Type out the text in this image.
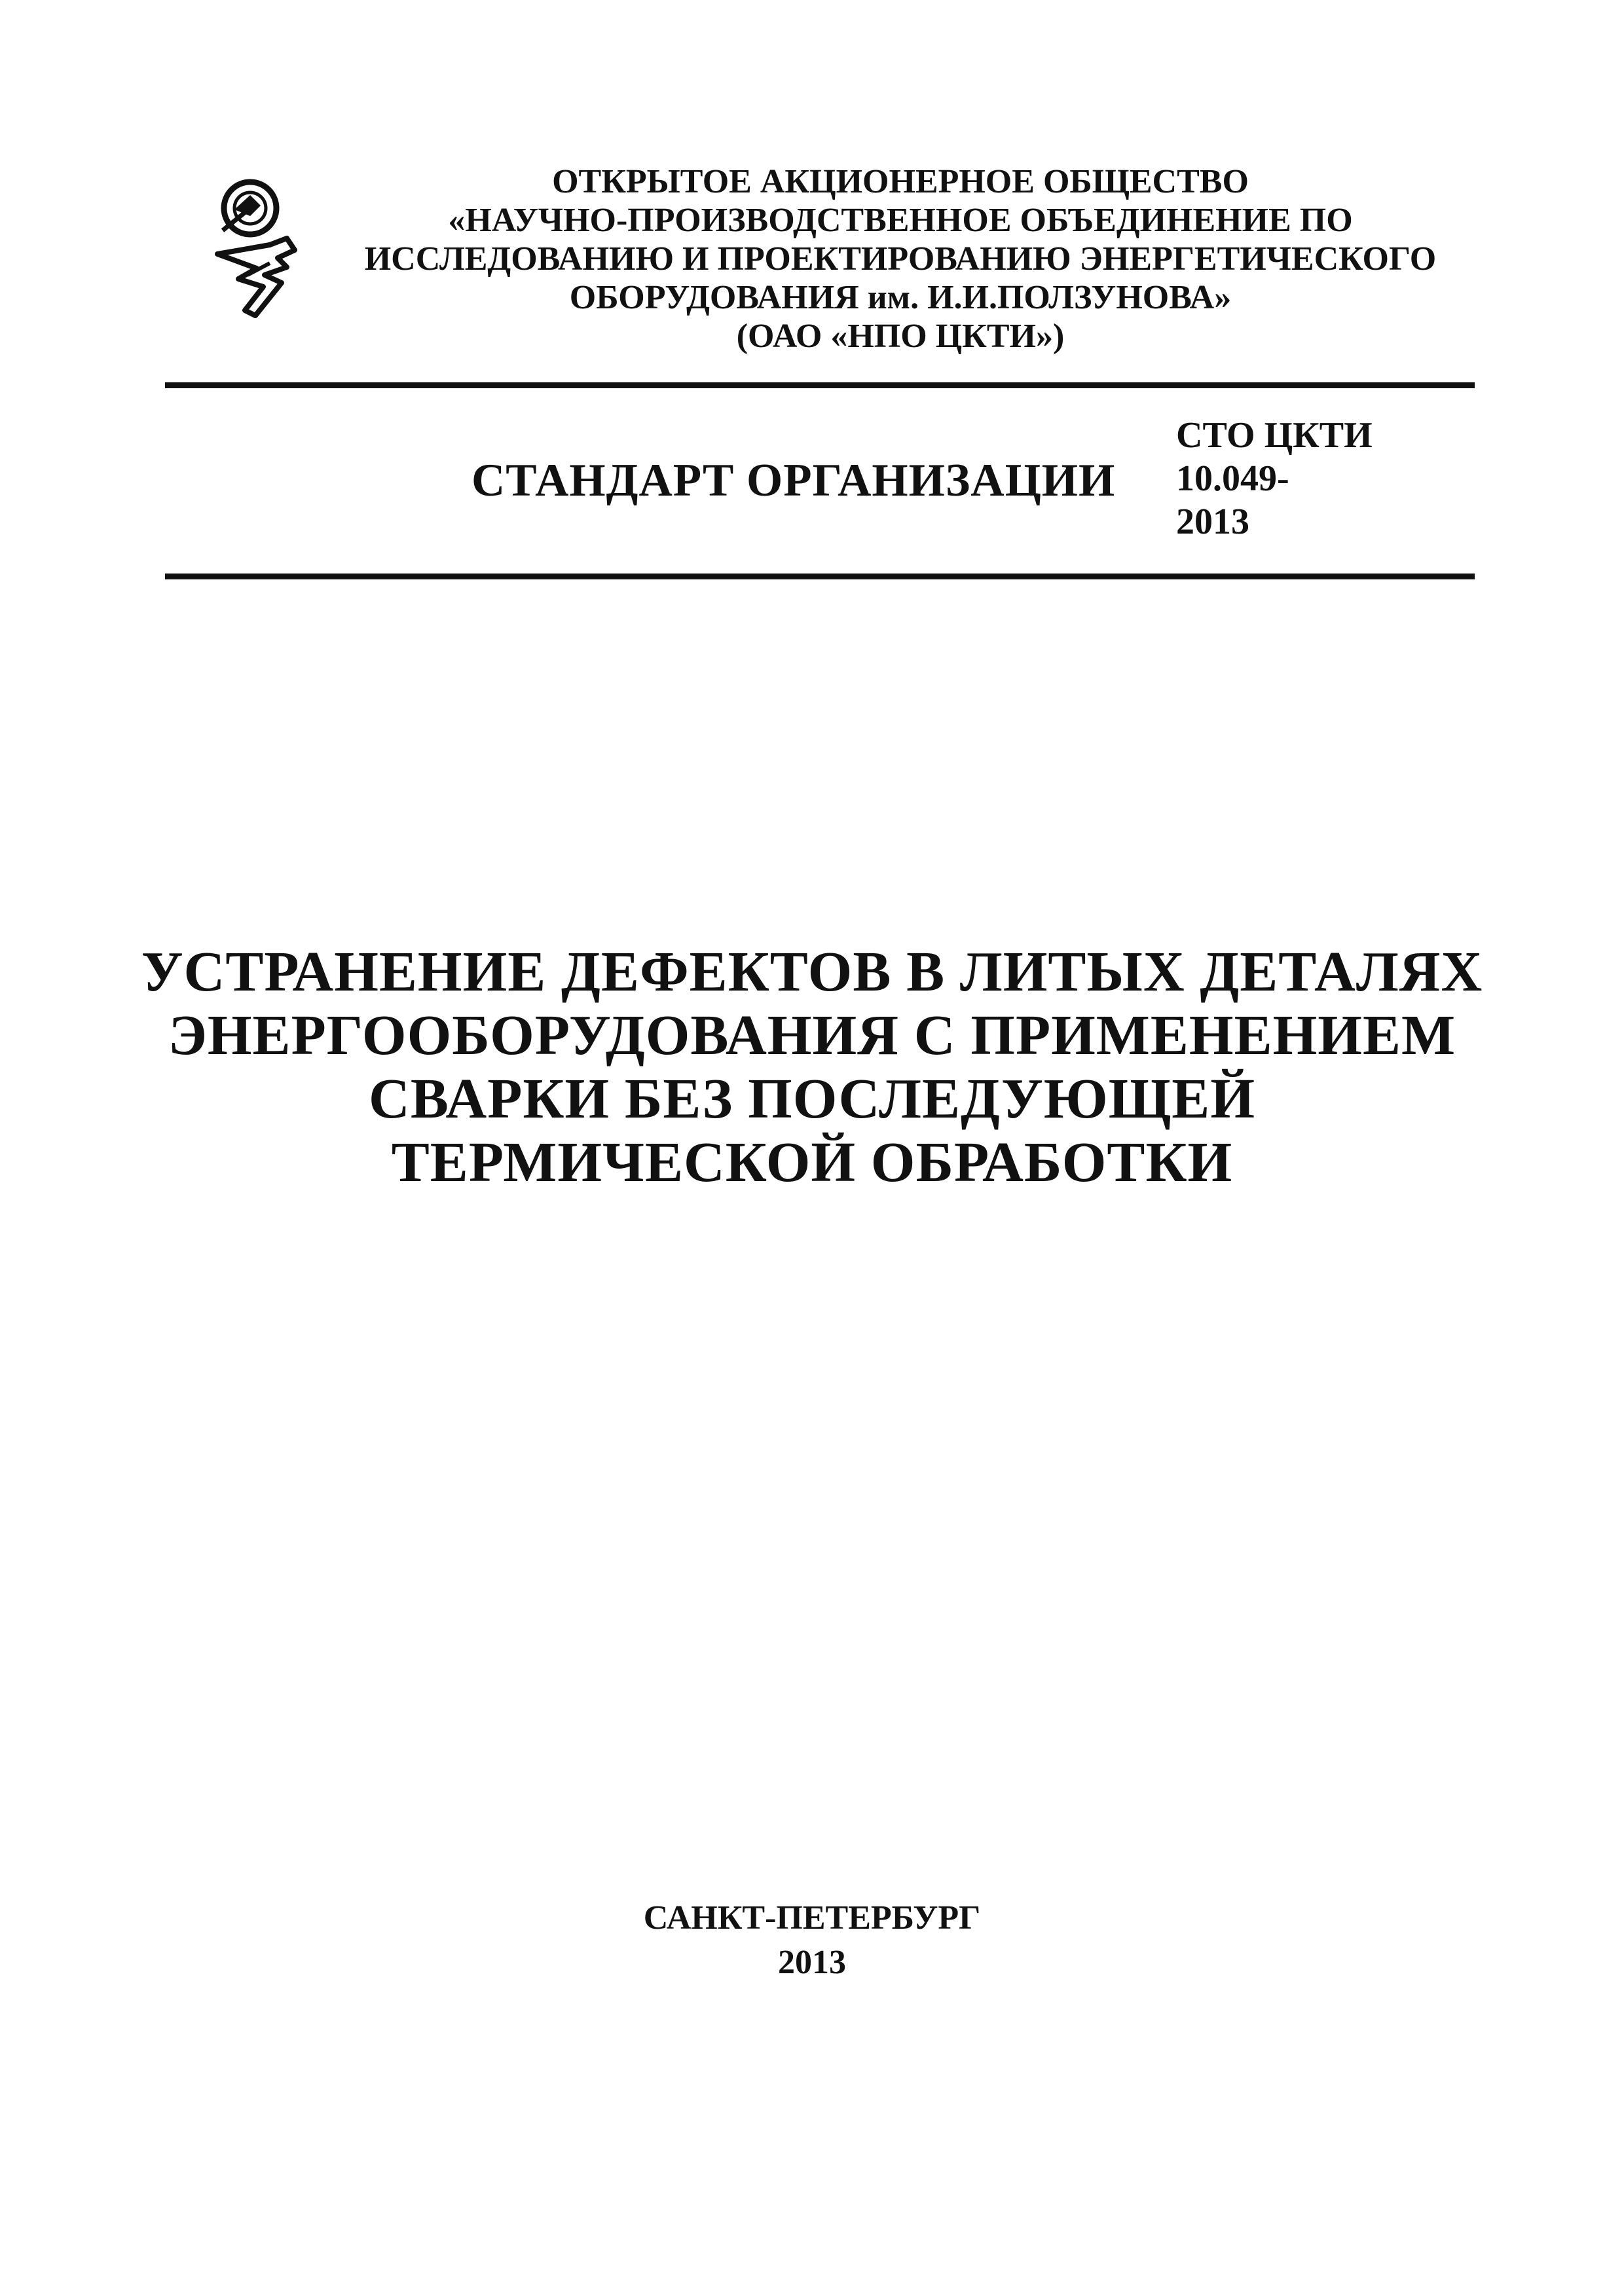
ОТКРЫТОЕ АКЦИОНЕРНОЕ ОБЩЕСТВО
«НАУЧНО-ПРОИЗВОДСТВЕННОЕ ОБЪЕДИНЕНИЕ ПО
ИССЛЕДОВАНИЮ И ПРОЕКТИРОВАНИЮ ЭНЕРГЕТИЧЕСКОГО
ОБОРУДОВАНИЯ им. И.И.ПОЛЗУНОВА»
(ОАО «НПО ЦКТИ»)
СТАНДАРТ ОРГАНИЗАЦИИ
СТО ЦКТИ
10.049-
2013
УСТРАНЕНИЕ ДЕФЕКТОВ В ЛИТЫХ ДЕТАЛЯХ
ЭНЕРГООБОРУДОВАНИЯ С ПРИМЕНЕНИЕМ
СВАРКИ БЕЗ ПОСЛЕДУЮЩЕЙ
ТЕРМИЧЕСКОЙ ОБРАБОТКИ
САНКТ-ПЕТЕРБУРГ
2013
